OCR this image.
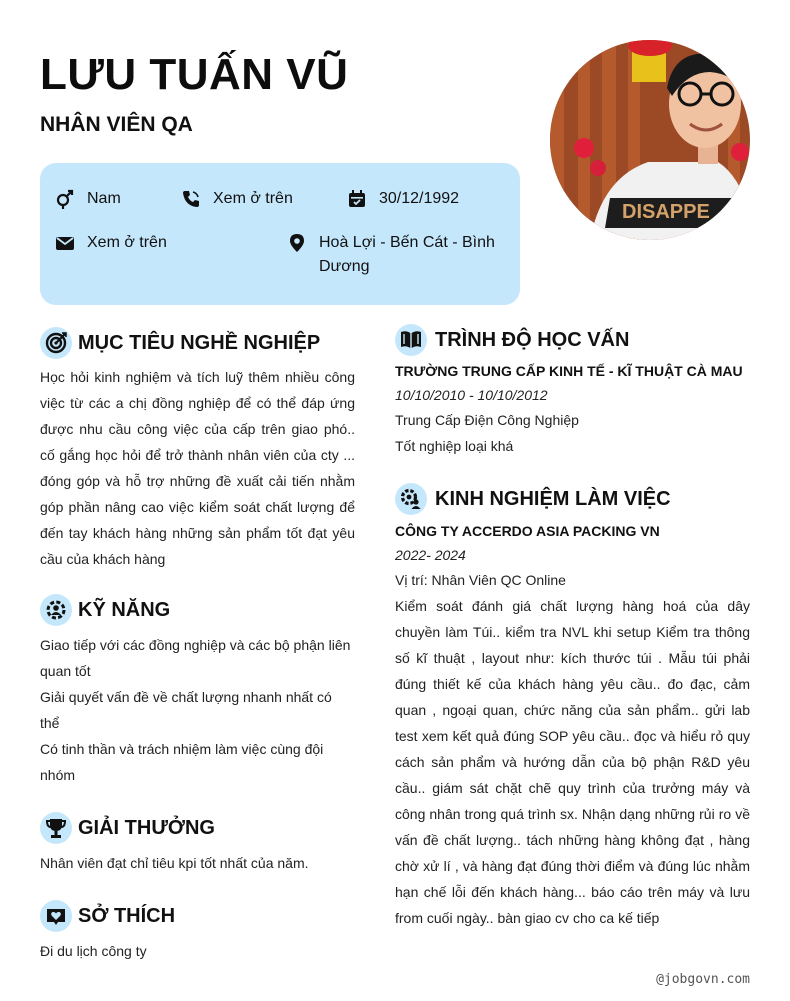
LƯU TUẤN VŨ
NHÂN VIÊN QA
DISAPPE
Nam	Xem ở trên	30/12/1992
Xem ở trên	Hoà Lợi - Bến Cát - Bình Dương
MỤC TIÊU NGHỀ NGHIỆP

Học hỏi kinh nghiệm và tích luỹ thêm nhiều công việc từ các a chị đồng nghiệp để có thể đáp ứng được nhu cầu công việc của cấp trên giao phó.. cố gắng học hỏi để trở thành nhân viên của cty ... đóng góp và hỗ trợ những đề xuất cải tiến nhằm góp phần nâng cao việc kiểm soát chất lượng để đến tay khách hàng những sản phẩm tốt đạt yêu cầu của khách hàng

KỸ NĂNG

Giao tiếp với các đồng nghiệp và các bộ phận liên quan tốt

Giải quyết vấn đề về chất lượng nhanh nhất có thể

Có tinh thần và trách nhiệm làm việc cùng đội nhóm

GIẢI THƯỞNG

Nhân viên đạt chỉ tiêu kpi tốt nhất của năm.

SỞ THÍCH

Đi du lịch công ty

TRÌNH ĐỘ HỌC VẤN

TRƯỜNG TRUNG CẤP KINH TẾ - KĨ THUẬT CÀ MAU

10/10/2010 - 10/10/2012

Trung Cấp Điện Công Nghiệp

Tốt nghiệp loại khá

KINH NGHIỆM LÀM VIỆC

CÔNG TY ACCERDO ASIA PACKING VN

2022- 2024

Vị trí: Nhân Viên QC Online

Kiểm soát đánh giá chất lượng hàng hoá của dây chuyền làm Túi.. kiểm tra NVL khi setup Kiểm tra thông số kĩ thuật , layout như: kích thước túi . Mẫu túi phải đúng thiết kế của khách hàng yêu cầu.. đo đạc, cảm quan , ngoại quan, chức năng của sản phẩm.. gửi lab test xem kết quả đúng SOP yêu cầu.. đọc và hiểu rỏ quy cách sản phẩm và hướng dẫn của bộ phận R&D yêu cầu.. giám sát chặt chẽ quy trình của trưởng máy và công nhân trong quá trình sx. Nhận dạng những rủi ro về vấn đề chất lượng.. tách những hàng không đạt , hàng chờ xử lí , và hàng đạt đúng thời điểm và đúng lúc nhằm hạn chế lỗi đến khách hàng... báo cáo trên máy và lưu from cuối ngày.. bàn giao cv cho ca kế tiếp

@jobgovn.com
